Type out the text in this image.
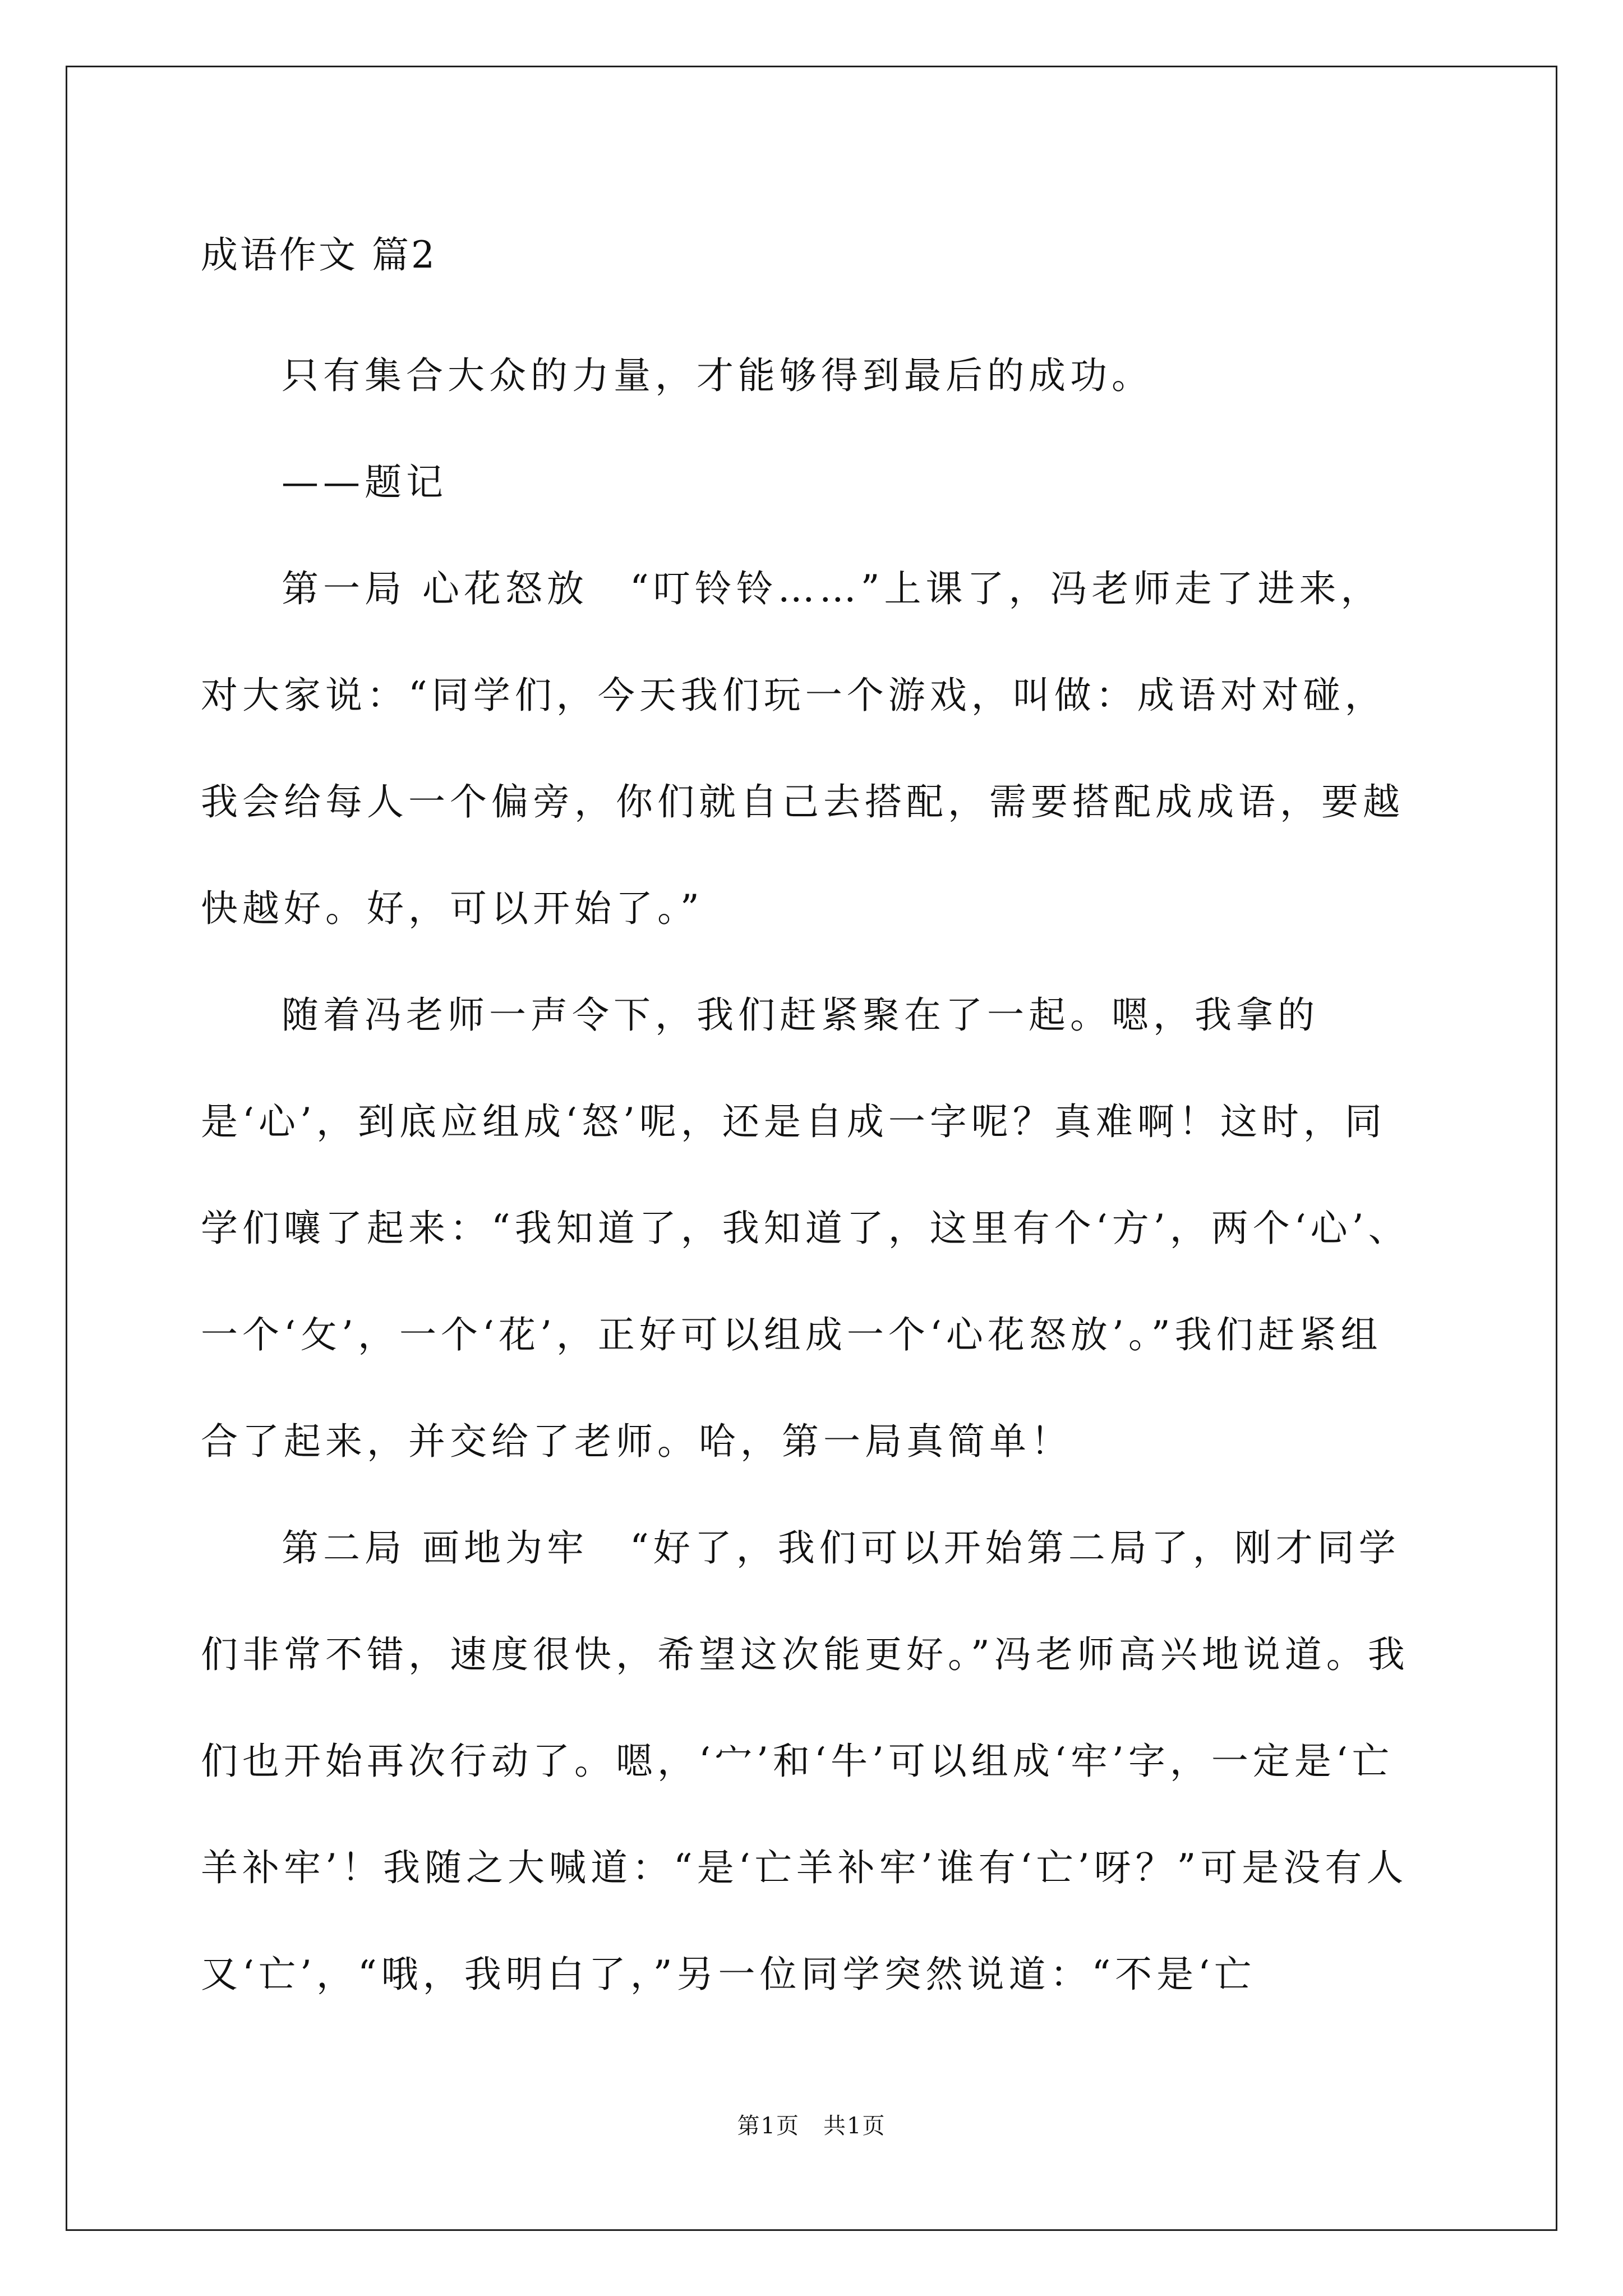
成语作文 篇2

只有集合大众的力量，才能够得到最后的成功。

——题记

第一局 心花怒放　“叮铃铃……”上课了，冯老师走了进来，对大家说：“同学们，今天我们玩一个游戏，叫做：成语对对碰，我会给每人一个偏旁，你们就自己去搭配，需要搭配成成语，要越快越好。好，可以开始了。”

随着冯老师一声令下，我们赶紧聚在了一起。嗯，我拿的是‘心’，到底应组成‘怒’呢，还是自成一字呢？真难啊！这时，同学们嚷了起来：“我知道了，我知道了，这里有个‘方’，两个‘心’、一个‘攵’，一个‘花’，正好可以组成一个‘心花怒放’。”我们赶紧组合了起来，并交给了老师。哈，第一局真简单！

第二局 画地为牢　“好了，我们可以开始第二局了，刚才同学们非常不错，速度很快，希望这次能更好。”冯老师高兴地说道。我们也开始再次行动了。嗯，‘宀’和‘牛’可以组成‘牢’字，一定是‘亡羊补牢’！我随之大喊道：“是‘亡羊补牢’谁有‘亡’呀？”可是没有人又‘亡’，“哦，我明白了，”另一位同学突然说道：“不是‘亡

第1页　共1页
